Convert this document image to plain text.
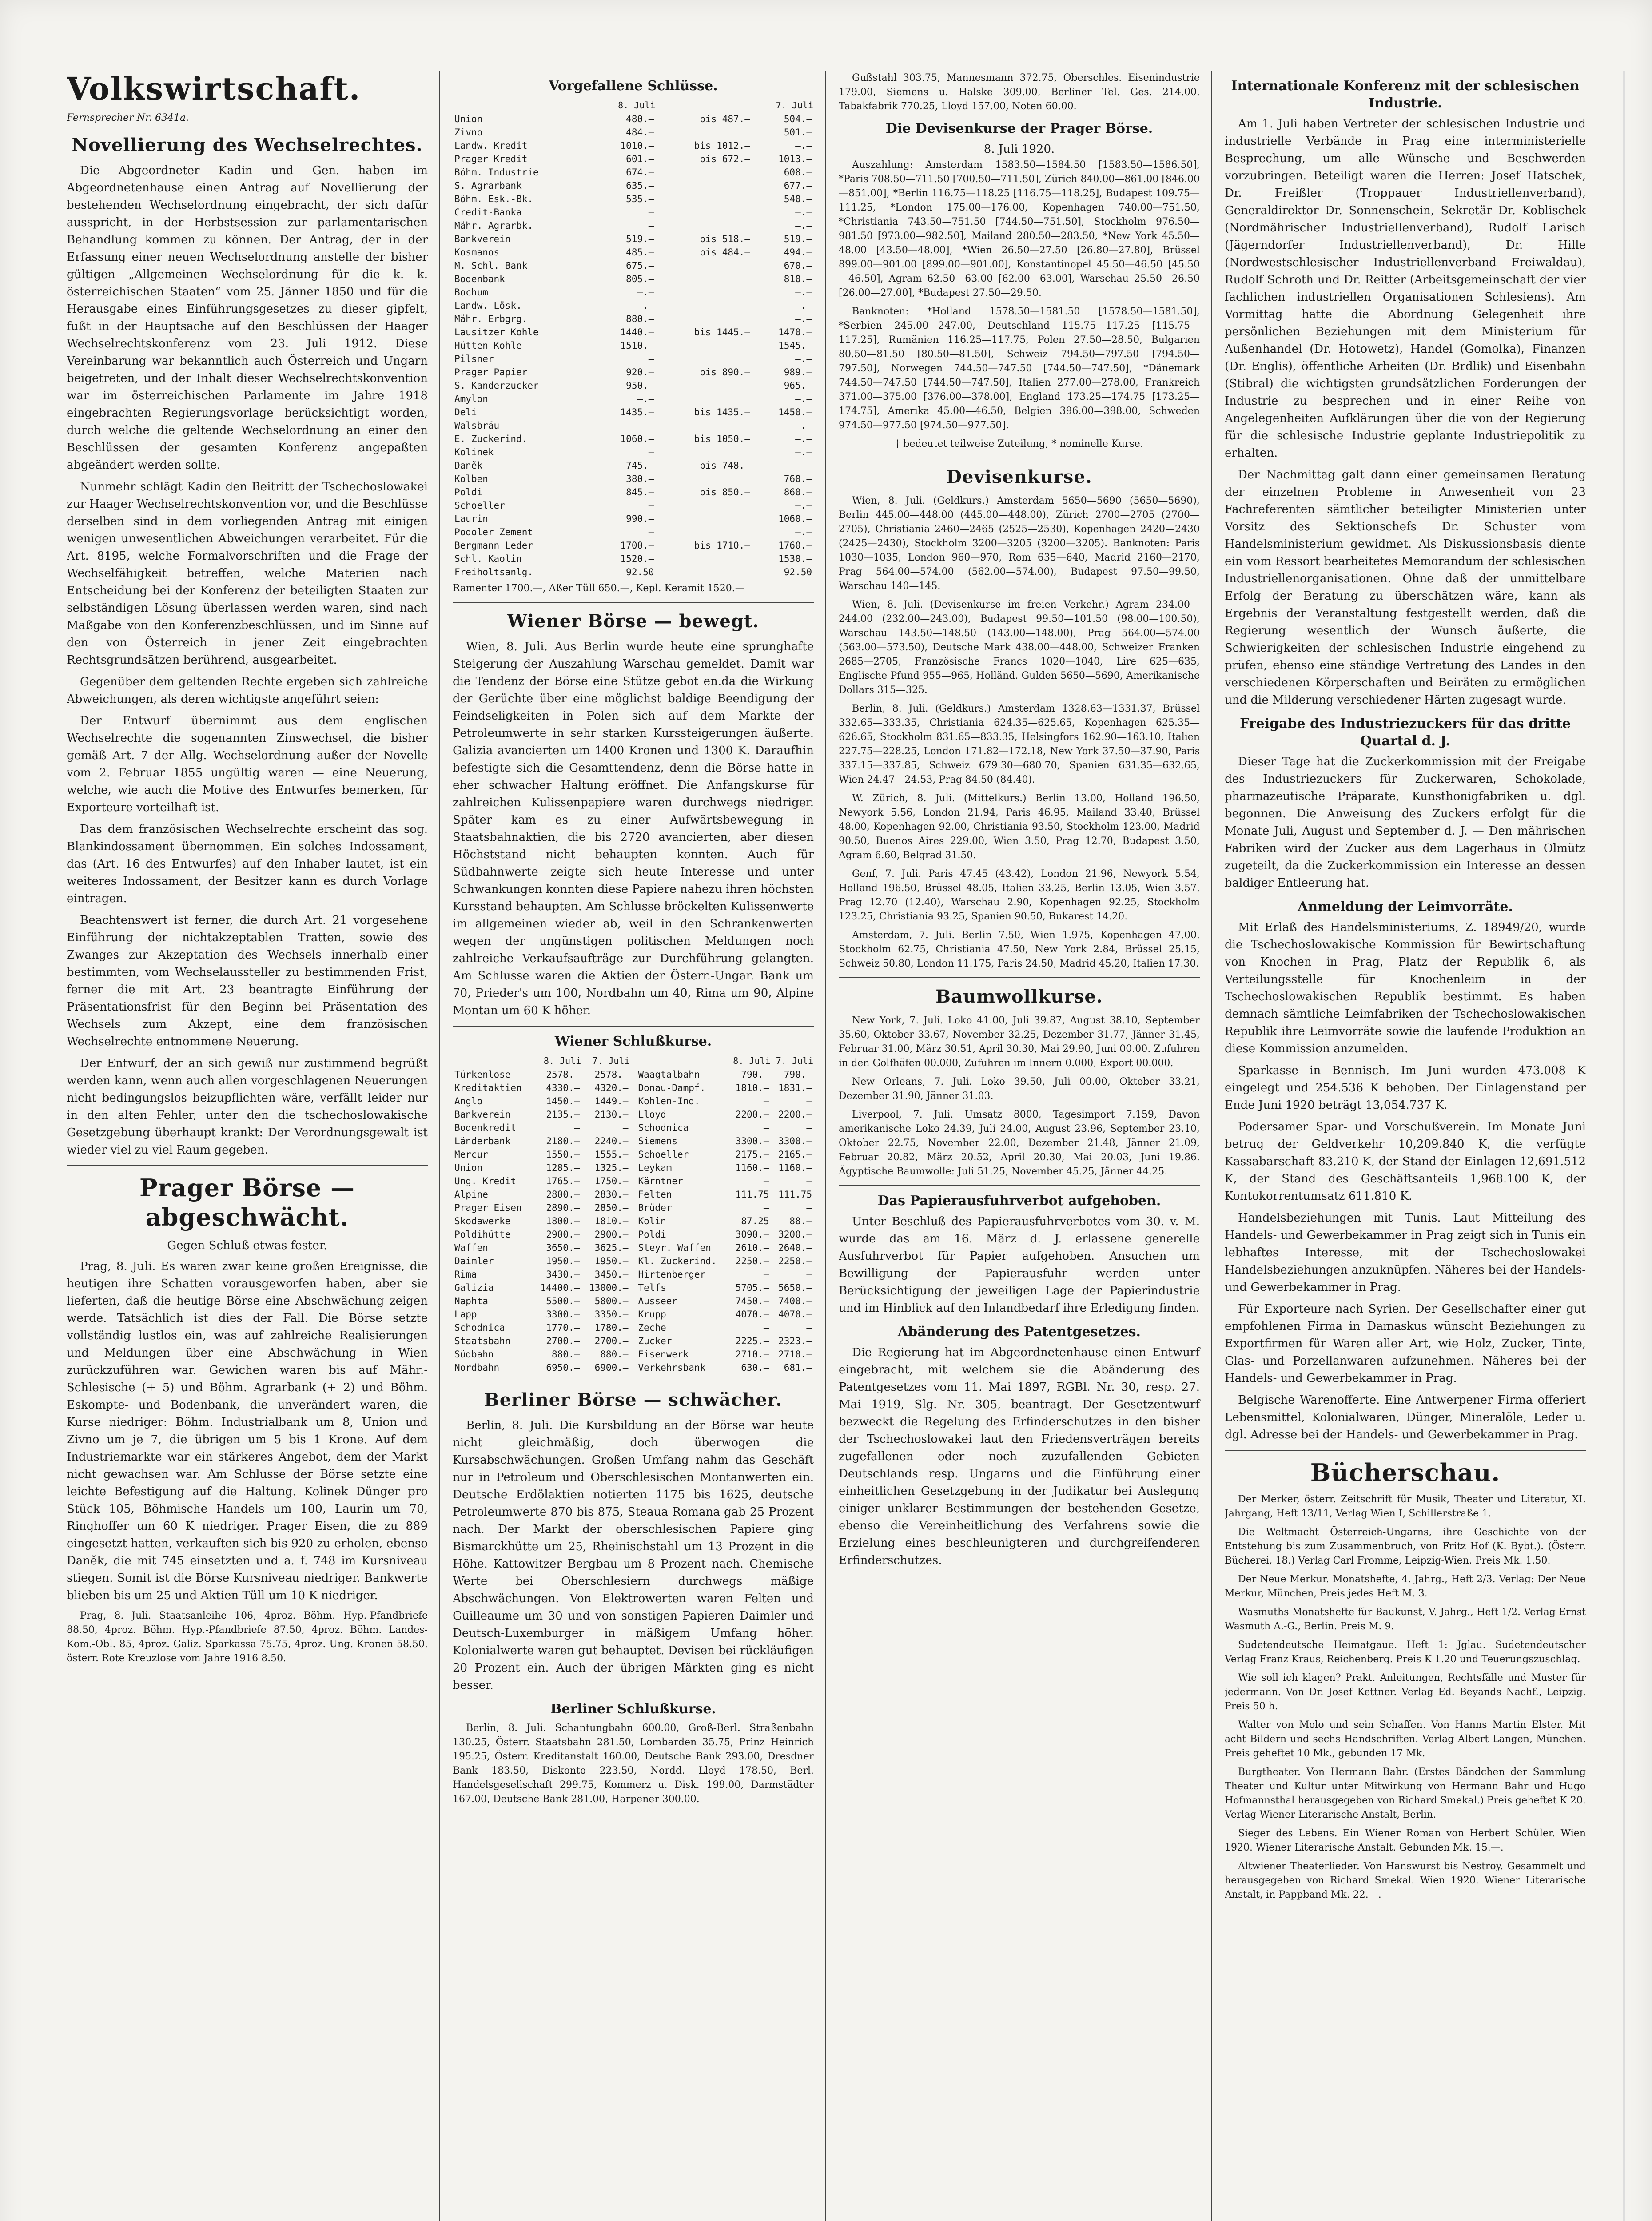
Volkswirtschaft.
Fernsprecher Nr. 6341a.
Novellierung des Wechselrechtes.

Die Abgeordneter Kadin und Gen. haben im Abgeordnetenhause einen Antrag auf Novellierung der bestehenden Wechselordnung eingebracht, der sich dafür ausspricht, in der Herbstsession zur parlamentarischen Behandlung kommen zu können. Der Antrag, der in der Erfassung einer neuen Wechselordnung anstelle der bisher gültigen „Allgemeinen Wechselordnung für die k. k. österreichischen Staaten“ vom 25. Jänner 1850 und für die Herausgabe eines Einführungsgesetzes zu dieser gipfelt, fußt in der Hauptsache auf den Beschlüssen der Haager Wechselrechtskonferenz vom 23. Juli 1912. Diese Vereinbarung war bekanntlich auch Österreich und Ungarn beigetreten, und der Inhalt dieser Wechselrechtskonvention war im österreichischen Parlamente im Jahre 1918 eingebrachten Regierungsvorlage berücksichtigt worden, durch welche die geltende Wechselordnung an einer den Beschlüssen der gesamten Konferenz angepaßten abgeändert werden sollte.

Nunmehr schlägt Kadin den Beitritt der Tschechoslowakei zur Haager Wechselrechtskonvention vor, und die Beschlüsse derselben sind in dem vorliegenden Antrag mit einigen wenigen unwesentlichen Abweichungen verarbeitet. Für die Art. 8195, welche Formalvorschriften und die Frage der Wechselfähigkeit betreffen, welche Materien nach Entscheidung bei der Konferenz der beteiligten Staaten zur selbständigen Lösung überlassen werden waren, sind nach Maßgabe von den Konferenzbeschlüssen, und im Sinne auf den von Österreich in jener Zeit eingebrachten Rechtsgrundsätzen berührend, ausgearbeitet.

Gegenüber dem geltenden Rechte ergeben sich zahlreiche Abweichungen, als deren wichtigste angeführt seien:

Der Entwurf übernimmt aus dem englischen Wechselrechte die sogenannten Zinswechsel, die bisher gemäß Art. 7 der Allg. Wechselordnung außer der Novelle vom 2. Februar 1855 ungültig waren — eine Neuerung, welche, wie auch die Motive des Entwurfes bemerken, für Exporteure vorteilhaft ist.

Das dem französischen Wechselrechte erscheint das sog. Blankindossament übernommen. Ein solches Indossament, das (Art. 16 des Entwurfes) auf den Inhaber lautet, ist ein weiteres Indossament, der Besitzer kann es durch Vorlage eintragen.

Beachtenswert ist ferner, die durch Art. 21 vorgesehene Einführung der nichtakzeptablen Tratten, sowie des Zwanges zur Akzeptation des Wechsels innerhalb einer bestimmten, vom Wechselaussteller zu bestimmenden Frist, ferner die mit Art. 23 beantragte Einführung der Präsentationsfrist für den Beginn bei Präsentation des Wechsels zum Akzept, eine dem französischen Wechselrechte entnommene Neuerung.

Der Entwurf, der an sich gewiß nur zustimmend begrüßt werden kann, wenn auch allen vorgeschlagenen Neuerungen nicht bedingungslos beizupflichten wäre, verfällt leider nur in den alten Fehler, unter den die tschechoslowakische Gesetzgebung überhaupt krankt: Der Verordnungsgewalt ist wieder viel zu viel Raum gegeben.

Prager Börse — abgeschwächt.
Gegen Schluß etwas fester.

Prag, 8. Juli. Es waren zwar keine großen Ereignisse, die heutigen ihre Schatten vorausgeworfen haben, aber sie lieferten, daß die heutige Börse eine Abschwächung zeigen werde. Tatsächlich ist dies der Fall. Die Börse setzte vollständig lustlos ein, was auf zahlreiche Realisierungen und Meldungen über eine Abschwächung in Wien zurückzuführen war. Gewichen waren bis auf Mähr.-Schlesische (+ 5) und Böhm. Agrarbank (+ 2) und Böhm. Eskompte- und Bodenbank, die unverändert waren, die Kurse niedriger: Böhm. Industrialbank um 8, Union und Zivno um je 7, die übrigen um 5 bis 1 Krone. Auf dem Industriemarkte war ein stärkeres Angebot, dem der Markt nicht gewachsen war. Am Schlusse der Börse setzte eine leichte Befestigung auf die Haltung. Kolinek Dünger pro Stück 105, Böhmische Handels um 100, Laurin um 70, Ringhoffer um 60 K niedriger. Prager Eisen, die zu 889 eingesetzt hatten, verkauften sich bis 920 zu erholen, ebenso Daněk, die mit 745 einsetzten und a. f. 748 im Kursniveau stiegen. Somit ist die Börse Kursniveau niedriger. Bankwerte blieben bis um 25 und Aktien Tüll um 10 K niedriger.

Prag, 8. Juli. Staatsanleihe 106, 4proz. Böhm. Hyp.-Pfandbriefe 88.50, 4proz. Böhm. Hyp.-Pfandbriefe 87.50, 4proz. Böhm. Landes-Kom.-Obl. 85, 4proz. Galiz. Sparkassa 75.75, 4proz. Ung. Kronen 58.50, österr. Rote Kreuzlose vom Jahre 1916 8.50.

Vorgefallene Schlüsse.
	8. Juli		7. Juli
Union	480.—	bis 487.—	504.—
Zivno	484.—		501.—
Landw. Kredit	1010.—	bis 1012.—	—.—
Prager Kredit	601.—	bis 672.—	1013.—
Böhm. Industrie	674.—		608.—
S. Agrarbank	635.—		677.—
Böhm. Esk.-Bk.	535.—		540.—
Credit-Banka	—		—.—
Mähr. Agrarbk.	—		—.—
Bankverein	519.—	bis 518.—	519.—
Kosmanos	485.—	bis 484.—	494.—
M. Schl. Bank	675.—		670.—
Bodenbank	805.—		810.—
Bochum	—.—		—.—
Landw. Lösk.	—.—		—.—
Mähr. Erbgrg.	880.—		—.—
Lausitzer Kohle	1440.—	bis 1445.—	1470.—
Hütten Kohle	1510.—		1545.—
Pilsner	—		—.—
Prager Papier	920.—	bis 890.—	989.—
S. Kanderzucker	950.—		965.—
Amylon	—.—		—.—
Deli	1435.—	bis 1435.—	1450.—
Walsbräu	—		—.—
E. Zuckerind.	1060.—	bis 1050.—	—.—
Kolinek	—		—.—
Daněk	745.—	bis 748.—	—
Kolben	380.—		760.—
Poldi	845.—	bis 850.—	860.—
Schoeller	—		—.—
Laurin	990.—		1060.—
Podoler Zement	—		—.—
Bergmann Leder	1700.—	bis 1710.—	1760.—
Schl. Kaolin	1520.—		1530.—
Freiholtsanlg.	92.50		92.50
Ramenter 1700.—, Aßer Tüll 650.—, Kepl. Keramit 1520.—
Wiener Börse — bewegt.

Wien, 8. Juli. Aus Berlin wurde heute eine sprunghafte Steigerung der Auszahlung Warschau gemeldet. Damit war die Tendenz der Börse eine Stütze gebot en.da die Wirkung der Gerüchte über eine möglichst baldige Beendigung der Feindseligkeiten in Polen sich auf dem Markte der Petroleumwerte in sehr starken Kurssteigerungen äußerte. Galizia avancierten um 1400 Kronen und 1300 K. Daraufhin befestigte sich die Gesamttendenz, denn die Börse hatte in eher schwacher Haltung eröffnet. Die Anfangskurse für zahlreichen Kulissenpapiere waren durchwegs niedriger. Später kam es zu einer Aufwärtsbewegung in Staatsbahnaktien, die bis 2720 avancierten, aber diesen Höchststand nicht behaupten konnten. Auch für Südbahnwerte zeigte sich heute Interesse und unter Schwankungen konnten diese Papiere nahezu ihren höchsten Kursstand behaupten. Am Schlusse bröckelten Kulissenwerte im allgemeinen wieder ab, weil in den Schrankenwerten wegen der ungünstigen politischen Meldungen noch zahlreiche Verkaufsaufträge zur Durchführung gelangten. Am Schlusse waren die Aktien der Österr.-Ungar. Bank um 70, Prieder's um 100, Nordbahn um 40, Rima um 90, Alpine Montan um 60 K höher.

Wiener Schlußkurse.
	8. Juli	7. Juli
Türkenlose	2578.—	2578.—
Kreditaktien	4330.—	4320.—
Anglo	1450.—	1449.—
Bankverein	2135.—	2130.—
Bodenkredit	—	—
Länderbank	2180.—	2240.—
Mercur	1550.—	1555.—
Union	1285.—	1325.—
Ung. Kredit	1765.—	1750.—
Alpine	2800.—	2830.—
Prager Eisen	2890.—	2850.—
Skodawerke	1800.—	1810.—
Poldihütte	2900.—	2900.—
Waffen	3650.—	3625.—
Daimler	1950.—	1950.—
Rima	3430.—	3450.—
Galizia	14400.—	13000.—
Naphta	5500.—	5800.—
Lapp	3300.—	3350.—
Schodnica	1770.—	1780.—
Staatsbahn	2700.—	2700.—
Südbahn	880.—	880.—
Nordbahn	6950.—	6900.—
	8. Juli	7. Juli
Waagtalbahn	790.—	790.—
Donau-Dampf.	1810.—	1831.—
Kohlen-Ind.	—	—
Lloyd	2200.—	2200.—
Schodnica	—	—
Siemens	3300.—	3300.—
Schoeller	2175.—	2165.—
Leykam	1160.—	1160.—
Kärntner	—	—
Felten	111.75	111.75
Brüder	—	—
Kolin	87.25	88.—
Poldi	3090.—	3200.—
Steyr. Waffen	2610.—	2640.—
Kl. Zuckerind.	2250.—	2250.—
Hirtenberger	—	—
Telfs	5705.—	5650.—
Ausseer	7450.—	7400.—
Krupp	4070.—	4070.—
Zeche	—	—
Zucker	2225.—	2323.—
Eisenwerk	2710.—	2710.—
Verkehrsbank	630.—	681.—
Berliner Börse — schwächer.

Berlin, 8. Juli. Die Kursbildung an der Börse war heute nicht gleichmäßig, doch überwogen die Kursabschwächungen. Großen Umfang nahm das Geschäft nur in Petroleum und Oberschlesischen Montanwerten ein. Deutsche Erdölaktien notierten 1175 bis 1625, deutsche Petroleumwerte 870 bis 875, Steaua Romana gab 25 Prozent nach. Der Markt der oberschlesischen Papiere ging Bismarckhütte um 25, Rheinischstahl um 13 Prozent in die Höhe. Kattowitzer Bergbau um 8 Prozent nach. Chemische Werte bei Oberschlesiern durchwegs mäßige Abschwächungen. Von Elektrowerten waren Felten und Guilleaume um 30 und von sonstigen Papieren Daimler und Deutsch-Luxemburger in mäßigem Umfang höher. Kolonialwerte waren gut behauptet. Devisen bei rückläufigen 20 Prozent ein. Auch der übrigen Märkten ging es nicht besser.

Berliner Schlußkurse.

Berlin, 8. Juli. Schantungbahn 600.00, Groß-Berl. Straßenbahn 130.25, Österr. Staatsbahn 281.50, Lombarden 35.75, Prinz Heinrich 195.25, Österr. Kreditanstalt 160.00, Deutsche Bank 293.00, Dresdner Bank 183.50, Diskonto 223.50, Nordd. Lloyd 178.50, Berl. Handelsgesellschaft 299.75, Kommerz u. Disk. 199.00, Darmstädter 167.00, Deutsche Bank 281.00, Harpener 300.00.

Gußstahl 303.75, Mannesmann 372.75, Oberschles. Eisenindustrie 179.00, Siemens u. Halske 309.00, Berliner Tel. Ges. 214.00, Tabakfabrik 770.25, Lloyd 157.00, Noten 60.00.

Die Devisenkurse der Prager Börse.
8. Juli 1920.

Auszahlung: Amsterdam 1583.50—1584.50 [1583.50—1586.50], *Paris 708.50—711.50 [700.50—711.50], Zürich 840.00—861.00 [846.00—851.00], *Berlin 116.75—118.25 [116.75—118.25], Budapest 109.75—111.25, *London 175.00—176.00, Kopenhagen 740.00—751.50, *Christiania 743.50—751.50 [744.50—751.50], Stockholm 976.50—981.50 [973.00—982.50], Mailand 280.50—283.50, *New York 45.50—48.00 [43.50—48.00], *Wien 26.50—27.50 [26.80—27.80], Brüssel 899.00—901.00 [899.00—901.00], Konstantinopel 45.50—46.50 [45.50—46.50], Agram 62.50—63.00 [62.00—63.00], Warschau 25.50—26.50 [26.00—27.00], *Budapest 27.50—29.50.

Banknoten: *Holland 1578.50—1581.50 [1578.50—1581.50], *Serbien 245.00—247.00, Deutschland 115.75—117.25 [115.75—117.25], Rumänien 116.25—117.75, Polen 27.50—28.50, Bulgarien 80.50—81.50 [80.50—81.50], Schweiz 794.50—797.50 [794.50—797.50], Norwegen 744.50—747.50 [744.50—747.50], *Dänemark 744.50—747.50 [744.50—747.50], Italien 277.00—278.00, Frankreich 371.00—375.00 [376.00—378.00], England 173.25—174.75 [173.25—174.75], Amerika 45.00—46.50, Belgien 396.00—398.00, Schweden 974.50—977.50 [974.50—977.50].

† bedeutet teilweise Zuteilung, * nominelle Kurse.
Devisenkurse.

Wien, 8. Juli. (Geldkurs.) Amsterdam 5650—5690 (5650—5690), Berlin 445.00—448.00 (445.00—448.00), Zürich 2700—2705 (2700—2705), Christiania 2460—2465 (2525—2530), Kopenhagen 2420—2430 (2425—2430), Stockholm 3200—3205 (3200—3205). Banknoten: Paris 1030—1035, London 960—970, Rom 635—640, Madrid 2160—2170, Prag 564.00—574.00 (562.00—574.00), Budapest 97.50—99.50, Warschau 140—145.

Wien, 8. Juli. (Devisenkurse im freien Verkehr.) Agram 234.00—244.00 (232.00—243.00), Budapest 99.50—101.50 (98.00—100.50), Warschau 143.50—148.50 (143.00—148.00), Prag 564.00—574.00 (563.00—573.50), Deutsche Mark 438.00—448.00, Schweizer Franken 2685—2705, Französische Francs 1020—1040, Lire 625—635, Englische Pfund 955—965, Holländ. Gulden 5650—5690, Amerikanische Dollars 315—325.

Berlin, 8. Juli. (Geldkurs.) Amsterdam 1328.63—1331.37, Brüssel 332.65—333.35, Christiania 624.35—625.65, Kopenhagen 625.35—626.65, Stockholm 831.65—833.35, Helsingfors 162.90—163.10, Italien 227.75—228.25, London 171.82—172.18, New York 37.50—37.90, Paris 337.15—337.85, Schweiz 679.30—680.70, Spanien 631.35—632.65, Wien 24.47—24.53, Prag 84.50 (84.40).

W. Zürich, 8. Juli. (Mittelkurs.) Berlin 13.00, Holland 196.50, Newyork 5.56, London 21.94, Paris 46.95, Mailand 33.40, Brüssel 48.00, Kopenhagen 92.00, Christiania 93.50, Stockholm 123.00, Madrid 90.50, Buenos Aires 229.00, Wien 3.50, Prag 12.70, Budapest 3.50, Agram 6.60, Belgrad 31.50.

Genf, 7. Juli. Paris 47.45 (43.42), London 21.96, Newyork 5.54, Holland 196.50, Brüssel 48.05, Italien 33.25, Berlin 13.05, Wien 3.57, Prag 12.70 (12.40), Warschau 2.90, Kopenhagen 92.25, Stockholm 123.25, Christiania 93.25, Spanien 90.50, Bukarest 14.20.

Amsterdam, 7. Juli. Berlin 7.50, Wien 1.975, Kopenhagen 47.00, Stockholm 62.75, Christiania 47.50, New York 2.84, Brüssel 25.15, Schweiz 50.80, London 11.175, Paris 24.50, Madrid 45.20, Italien 17.30.

Baumwollkurse.

New York, 7. Juli. Loko 41.00, Juli 39.87, August 38.10, September 35.60, Oktober 33.67, November 32.25, Dezember 31.77, Jänner 31.45, Februar 31.00, März 30.51, April 30.30, Mai 29.90, Juni 00.00. Zufuhren in den Golfhäfen 00.000, Zufuhren im Innern 0.000, Export 00.000.

New Orleans, 7. Juli. Loko 39.50, Juli 00.00, Oktober 33.21, Dezember 31.90, Jänner 31.03.

Liverpool, 7. Juli. Umsatz 8000, Tagesimport 7.159, Davon amerikanische Loko 24.39, Juli 24.00, August 23.96, September 23.10, Oktober 22.75, November 22.00, Dezember 21.48, Jänner 21.09, Februar 20.82, März 20.52, April 20.30, Mai 20.03, Juni 19.86. Ägyptische Baumwolle: Juli 51.25, November 45.25, Jänner 44.25.

Das Papierausfuhrverbot aufgehoben.

Unter Beschluß des Papierausfuhrverbotes vom 30. v. M. wurde das am 16. März d. J. erlassene generelle Ausfuhrverbot für Papier aufgehoben. Ansuchen um Bewilligung der Papierausfuhr werden unter Berücksichtigung der jeweiligen Lage der Papierindustrie und im Hinblick auf den Inlandbedarf ihre Erledigung finden.

Abänderung des Patentgesetzes.

Die Regierung hat im Abgeordnetenhause einen Entwurf eingebracht, mit welchem sie die Abänderung des Patentgesetzes vom 11. Mai 1897, RGBl. Nr. 30, resp. 27. Mai 1919, Slg. Nr. 305, beantragt. Der Gesetzentwurf bezweckt die Regelung des Erfinderschutzes in den bisher der Tschechoslowakei laut den Friedensverträgen bereits zugefallenen oder noch zuzufallenden Gebieten Deutschlands resp. Ungarns und die Einführung einer einheitlichen Gesetzgebung in der Judikatur bei Auslegung einiger unklarer Bestimmungen der bestehenden Gesetze, ebenso die Vereinheitlichung des Verfahrens sowie die Erzielung eines beschleunigteren und durchgreifenderen Erfinderschutzes.

Internationale Konferenz mit der schlesischen Industrie.

Am 1. Juli haben Vertreter der schlesischen Industrie und industrielle Verbände in Prag eine interministerielle Besprechung, um alle Wünsche und Beschwerden vorzubringen. Beteiligt waren die Herren: Josef Hatschek, Dr. Freißler (Troppauer Industriellenverband), Generaldirektor Dr. Sonnenschein, Sekretär Dr. Koblischek (Nordmährischer Industriellenverband), Rudolf Larisch (Jägerndorfer Industriellenverband), Dr. Hille (Nordwestschlesischer Industriellenverband Freiwaldau), Rudolf Schroth und Dr. Reitter (Arbeitsgemeinschaft der vier fachlichen industriellen Organisationen Schlesiens). Am Vormittag hatte die Abordnung Gelegenheit ihre persönlichen Beziehungen mit dem Ministerium für Außenhandel (Dr. Hotowetz), Handel (Gomolka), Finanzen (Dr. Englis), öffentliche Arbeiten (Dr. Brdlik) und Eisenbahn (Stibral) die wichtigsten grundsätzlichen Forderungen der Industrie zu besprechen und in einer Reihe von Angelegenheiten Aufklärungen über die von der Regierung für die schlesische Industrie geplante Industriepolitik zu erhalten.

Der Nachmittag galt dann einer gemeinsamen Beratung der einzelnen Probleme in Anwesenheit von 23 Fachreferenten sämtlicher beteiligter Ministerien unter Vorsitz des Sektionschefs Dr. Schuster vom Handelsministerium gewidmet. Als Diskussionsbasis diente ein vom Ressort bearbeitetes Memorandum der schlesischen Industriellenorganisationen. Ohne daß der unmittelbare Erfolg der Beratung zu überschätzen wäre, kann als Ergebnis der Veranstaltung festgestellt werden, daß die Regierung wesentlich der Wunsch äußerte, die Schwierigkeiten der schlesischen Industrie eingehend zu prüfen, ebenso eine ständige Vertretung des Landes in den verschiedenen Körperschaften und Beiräten zu ermöglichen und die Milderung verschiedener Härten zugesagt wurde.

Freigabe des Industriezuckers für das dritte Quartal d. J.

Dieser Tage hat die Zuckerkommission mit der Freigabe des Industriezuckers für Zuckerwaren, Schokolade, pharmazeutische Präparate, Kunsthonigfabriken u. dgl. begonnen. Die Anweisung des Zuckers erfolgt für die Monate Juli, August und September d. J. — Den mährischen Fabriken wird der Zucker aus dem Lagerhaus in Olmütz zugeteilt, da die Zuckerkommission ein Interesse an dessen baldiger Entleerung hat.

Anmeldung der Leimvorräte.

Mit Erlaß des Handelsministeriums, Z. 18949/20, wurde die Tschechoslowakische Kommission für Bewirtschaftung von Knochen in Prag, Platz der Republik 6, als Verteilungsstelle für Knochenleim in der Tschechoslowakischen Republik bestimmt. Es haben demnach sämtliche Leimfabriken der Tschechoslowakischen Republik ihre Leimvorräte sowie die laufende Produktion an diese Kommission anzumelden.

Sparkasse in Bennisch. Im Juni wurden 473.008 K eingelegt und 254.536 K behoben. Der Einlagenstand per Ende Juni 1920 beträgt 13,054.737 K.

Podersamer Spar- und Vorschußverein. Im Monate Juni betrug der Geldverkehr 10,209.840 K, die verfügte Kassabarschaft 83.210 K, der Stand der Einlagen 12,691.512 K, der Stand des Geschäftsanteils 1,968.100 K, der Kontokorrentumsatz 611.810 K.

Handelsbeziehungen mit Tunis. Laut Mitteilung des Handels- und Gewerbekammer in Prag zeigt sich in Tunis ein lebhaftes Interesse, mit der Tschechoslowakei Handelsbeziehungen anzuknüpfen. Näheres bei der Handels- und Gewerbekammer in Prag.

Für Exporteure nach Syrien. Der Gesellschafter einer gut empfohlenen Firma in Damaskus wünscht Beziehungen zu Exportfirmen für Waren aller Art, wie Holz, Zucker, Tinte, Glas- und Porzellanwaren aufzunehmen. Näheres bei der Handels- und Gewerbekammer in Prag.

Belgische Warenofferte. Eine Antwerpener Firma offeriert Lebensmittel, Kolonialwaren, Dünger, Mineralöle, Leder u. dgl. Adresse bei der Handels- und Gewerbekammer in Prag.

Bücherschau.

Der Merker, österr. Zeitschrift für Musik, Theater und Literatur, XI. Jahrgang, Heft 13/11, Verlag Wien I, Schillerstraße 1.

Die Weltmacht Österreich-Ungarns, ihre Geschichte von der Entstehung bis zum Zusammenbruch, von Fritz Hof (K. Bybt.). (Österr. Bücherei, 18.) Verlag Carl Fromme, Leipzig-Wien. Preis Mk. 1.50.

Der Neue Merkur. Monatshefte, 4. Jahrg., Heft 2/3. Verlag: Der Neue Merkur, München, Preis jedes Heft M. 3.

Wasmuths Monatshefte für Baukunst, V. Jahrg., Heft 1/2. Verlag Ernst Wasmuth A.-G., Berlin. Preis M. 9.

Sudetendeutsche Heimatgaue. Heft 1: Jglau. Sudetendeutscher Verlag Franz Kraus, Reichenberg. Preis K 1.20 und Teuerungszuschlag.

Wie soll ich klagen? Prakt. Anleitungen, Rechtsfälle und Muster für jedermann. Von Dr. Josef Kettner. Verlag Ed. Beyands Nachf., Leipzig. Preis 50 h.

Walter von Molo und sein Schaffen. Von Hanns Martin Elster. Mit acht Bildern und sechs Handschriften. Verlag Albert Langen, München. Preis geheftet 10 Mk., gebunden 17 Mk.

Burgtheater. Von Hermann Bahr. (Erstes Bändchen der Sammlung Theater und Kultur unter Mitwirkung von Hermann Bahr und Hugo Hofmannsthal herausgegeben von Richard Smekal.) Preis geheftet K 20. Verlag Wiener Literarische Anstalt, Berlin.

Sieger des Lebens. Ein Wiener Roman von Herbert Schüler. Wien 1920. Wiener Literarische Anstalt. Gebunden Mk. 15.—.

Altwiener Theaterlieder. Von Hanswurst bis Nestroy. Gesammelt und herausgegeben von Richard Smekal. Wien 1920. Wiener Literarische Anstalt, in Pappband Mk. 22.—.
